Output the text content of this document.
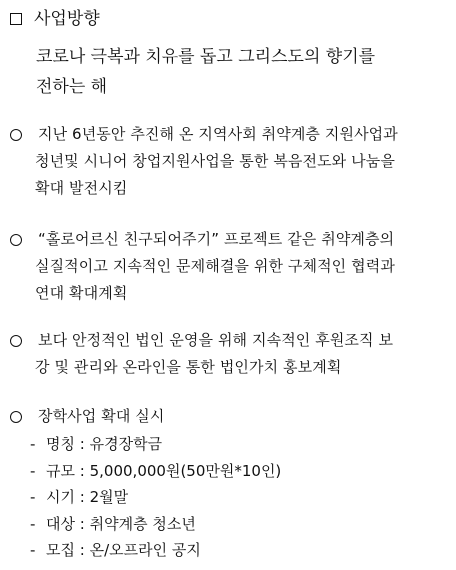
사업방향
코로나 극복과 치유를 돕고 그리스도의 향기를
전하는 해
지난 6년동안 추진해 온 지역사회 취약계층 지원사업과
청년및 시니어 창업지원사업을 통한 복음전도와 나눔을
확대 발전시킴
“홀로어르신 친구되어주기” 프로젝트 같은 취약계층의
실질적이고 지속적인 문제해결을 위한 구체적인 협력과
연대 확대계획
보다 안정적인 법인 운영을 위해 지속적인 후원조직 보
강 및 관리와 온라인을 통한 법인가치 홍보계획
장학사업 확대 실시
- 명칭 : 유경장학금
- 규모 : 5,000,000원(50만원*10인)
- 시기 : 2월말
- 대상 : 취약계층 청소년
- 모집 : 온/오프라인 공지
